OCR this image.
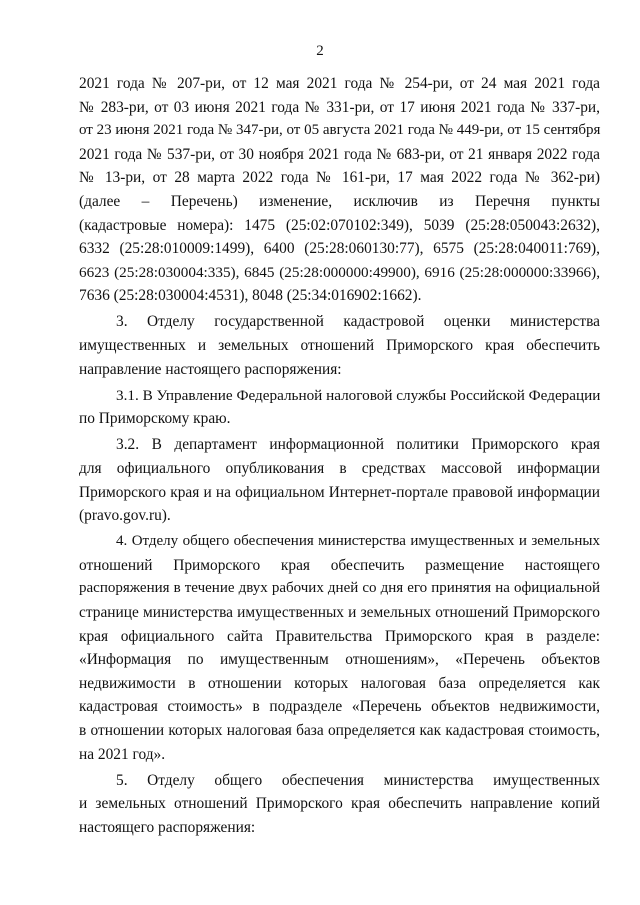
2
2021 года № 207-ри, от 12 мая 2021 года № 254-ри, от 24 мая 2021 года
№ 283-ри, от 03 июня 2021 года № 331-ри, от 17 июня 2021 года № 337-ри,
от 23 июня 2021 года № 347-ри, от 05 августа 2021 года № 449-ри, от 15 сентября
2021 года № 537-ри, от 30 ноября 2021 года № 683-ри, от 21 января 2022 года
№ 13-ри, от 28 марта 2022 года № 161-ри, 17 мая 2022 года № 362-ри)
(далее – Перечень) изменение, исключив из Перечня пункты
(кадастровые номера): 1475 (25:02:070102:349), 5039 (25:28:050043:2632),
6332 (25:28:010009:1499), 6400 (25:28:060130:77), 6575 (25:28:040011:769),
6623 (25:28:030004:335), 6845 (25:28:000000:49900), 6916 (25:28:000000:33966),
7636 (25:28:030004:4531), 8048 (25:34:016902:1662).
3. Отделу государственной кадастровой оценки министерства
имущественных и земельных отношений Приморского края обеспечить
направление настоящего распоряжения:
3.1. В Управление Федеральной налоговой службы Российской Федерации
по Приморскому краю.
3.2. В департамент информационной политики Приморского края
для официального опубликования в средствах массовой информации
Приморского края и на официальном Интернет-портале правовой информации
(pravo.gov.ru).
4. Отделу общего обеспечения министерства имущественных и земельных
отношений Приморского края обеспечить размещение настоящего
распоряжения в течение двух рабочих дней со дня его принятия на официальной
странице министерства имущественных и земельных отношений Приморского
края официального сайта Правительства Приморского края в разделе:
«Информация по имущественным отношениям», «Перечень объектов
недвижимости в отношении которых налоговая база определяется как
кадастровая стоимость» в подразделе «Перечень объектов недвижимости,
в отношении которых налоговая база определяется как кадастровая стоимость,
на 2021 год».
5. Отделу общего обеспечения министерства имущественных
и земельных отношений Приморского края обеспечить направление копий
настоящего распоряжения:
